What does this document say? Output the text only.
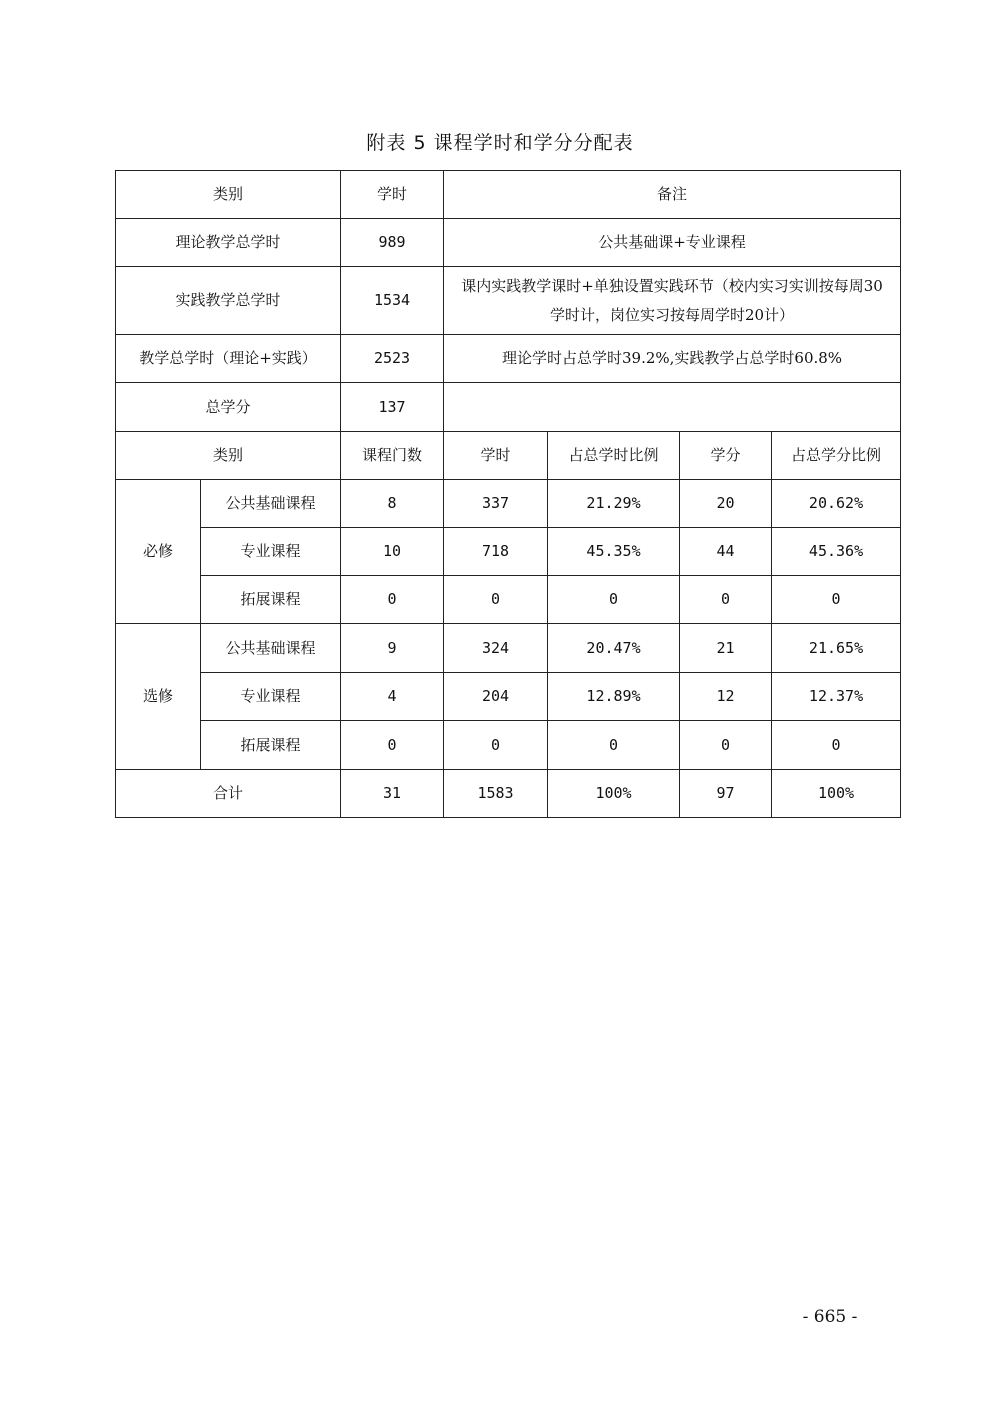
附表 5 课程学时和学分分配表
类别		学时	备注			
理论教学总学时		989	公共基础课+专业课程			
实践教学总学时		1534	课内实践教学课时+单独设置实践环节（校内实习实训按每周30学时计，岗位实习按每周学时20计）			
教学总学时（理论+实践）		2523	理论学时占总学时39.2%,实践教学占总学时60.8%			
总学分		137				
类别		课程门数	学时	占总学时比例	学分	占总学分比例
必修	公共基础课程	8	337	21.29%	20	20.62%
	专业课程	10	718	45.35%	44	45.36%
	拓展课程	0	0	0	0	0
选修	公共基础课程	9	324	20.47%	21	21.65%
	专业课程	4	204	12.89%	12	12.37%
	拓展课程	0	0	0	0	0
合计		31	1583	100%	97	100%
- 665 -
